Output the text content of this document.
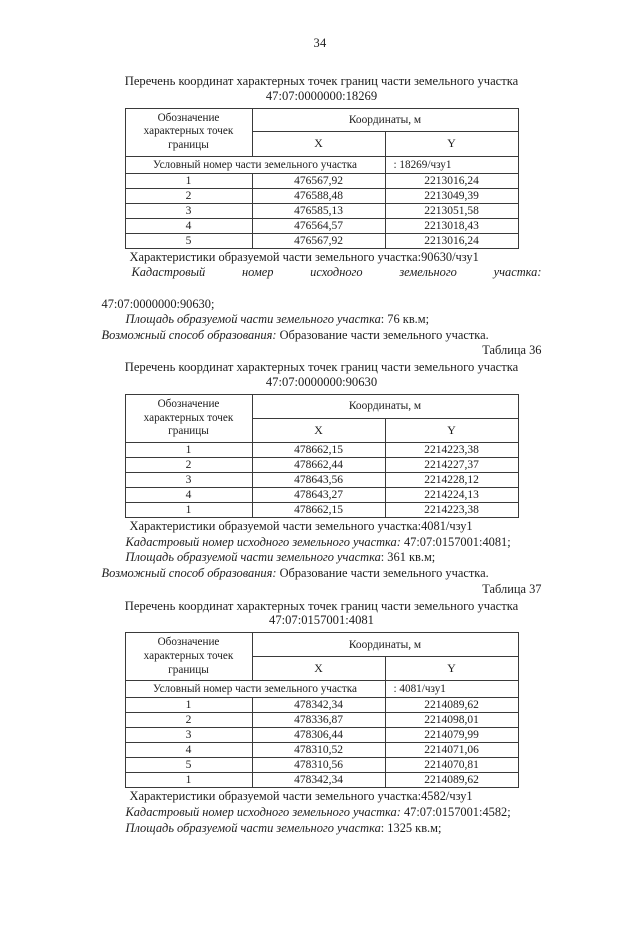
34
Перечень координат характерных точек границ части земельного участка
47:07:0000000:18269
Обозначение характерных точек границы	Координаты, м	
	X	Y
Условный номер части земельного участка		: 18269/чзу1
1	476567,92	2213016,24
2	476588,48	2213049,39
3	476585,13	2213051,58
4	476564,57	2213018,43
5	476567,92	2213016,24

Характеристики образуемой части земельного участка:90630/чзу1

Кадастровый номер исходного земельного участка:
47:07:0000000:90630;

Площадь образуемой части земельного участка: 76 кв.м;

Возможный способ образования: Образование части земельного участка.

Таблица 36

Перечень координат характерных точек границ части земельного участка
47:07:0000000:90630
Обозначение характерных точек границы	Координаты, м	
	X	Y
1	478662,15	2214223,38
2	478662,44	2214227,37
3	478643,56	2214228,12
4	478643,27	2214224,13
1	478662,15	2214223,38

Характеристики образуемой части земельного участка:4081/чзу1

Кадастровый номер исходного земельного участка: 47:07:0157001:4081;

Площадь образуемой части земельного участка: 361 кв.м;

Возможный способ образования: Образование части земельного участка.

Таблица 37

Перечень координат характерных точек границ части земельного участка
47:07:0157001:4081
Обозначение характерных точек границы	Координаты, м	
	X	Y
Условный номер части земельного участка		: 4081/чзу1
1	478342,34	2214089,62
2	478336,87	2214098,01
3	478306,44	2214079,99
4	478310,52	2214071,06
5	478310,56	2214070,81
1	478342,34	2214089,62

Характеристики образуемой части земельного участка:4582/чзу1

Кадастровый номер исходного земельного участка: 47:07:0157001:4582;

Площадь образуемой части земельного участка: 1325 кв.м;
